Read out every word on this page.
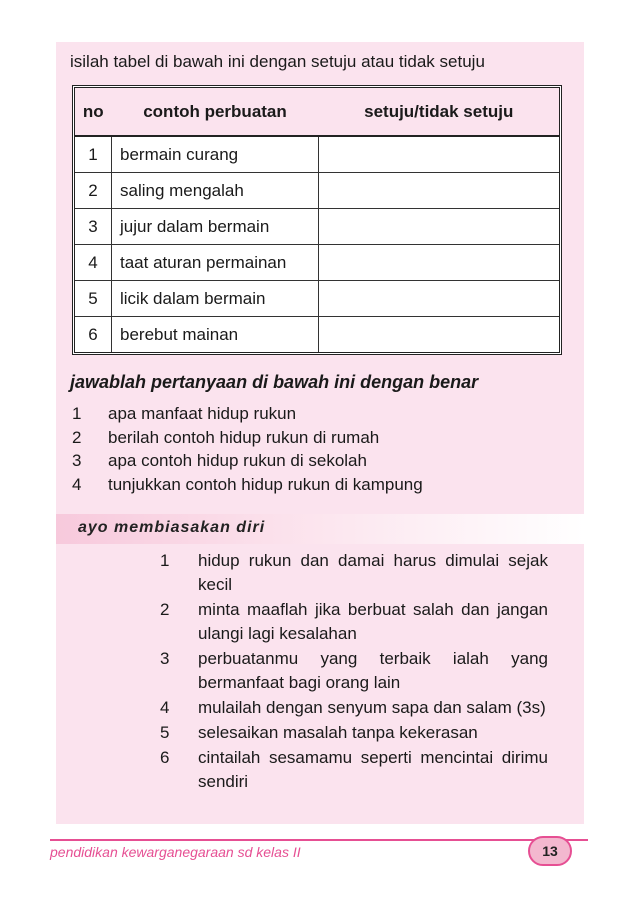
isilah tabel di bawah ini dengan setuju atau tidak setuju
no	contoh perbuatan	setuju/tidak setuju
1	bermain curang	
2	saling mengalah	
3	jujur dalam bermain	
4	taat aturan permainan	
5	licik dalam bermain	
6	berebut mainan	
jawablah pertanyaan di bawah ini dengan benar
1	apa manfaat hidup rukun
2	berilah contoh hidup rukun di rumah
3	apa contoh hidup rukun di sekolah
4	tunjukkan contoh hidup rukun di kampung
ayo membiasakan diri
1	hidup rukun dan damai harus dimulai sejak kecil
2	minta maaflah jika berbuat salah dan jangan ulangi lagi kesalahan
3	perbuatanmu yang terbaik ialah yang bermanfaat bagi orang lain
4	mulailah dengan senyum sapa dan salam (3s)
5	selesaikan masalah tanpa kekerasan
6	cintailah sesamamu seperti mencintai dirimu sendiri
pendidikan kewarganegaraan sd kelas II	13
